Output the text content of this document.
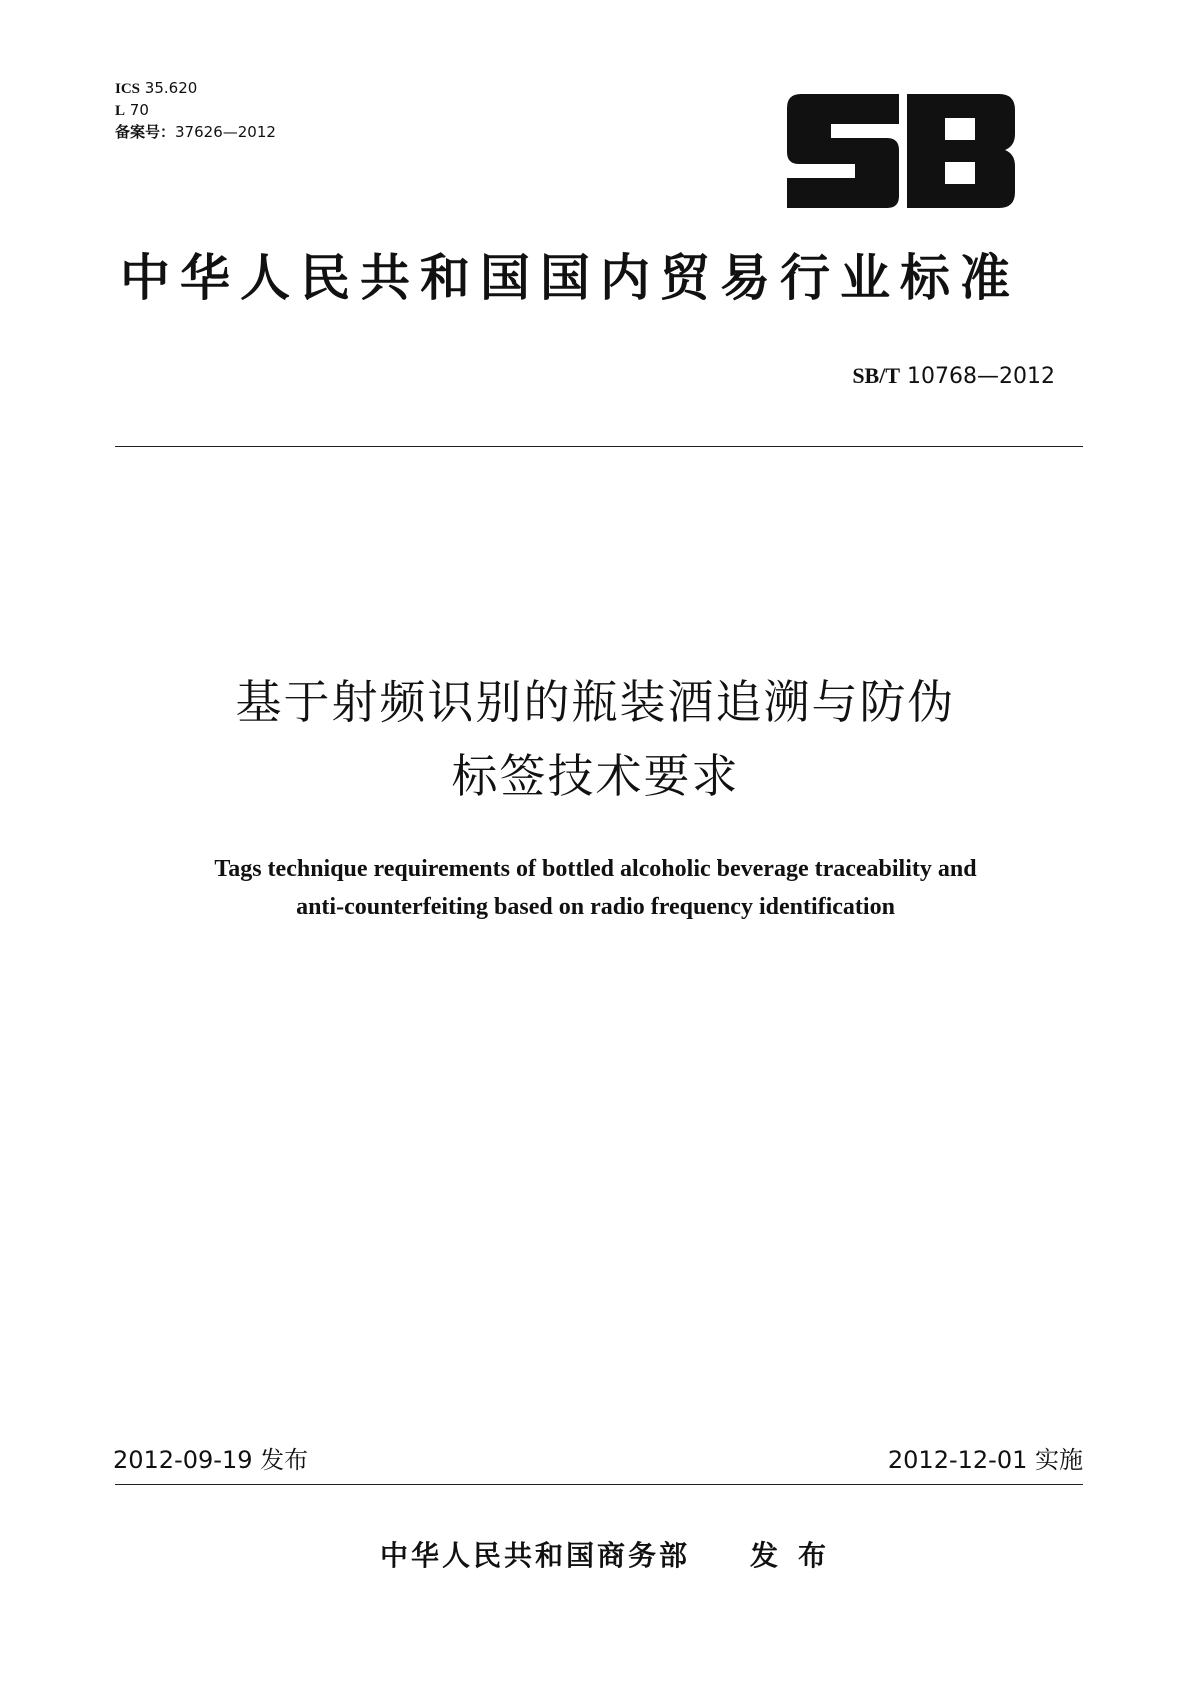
ICS 35.620
L 70
备案号：37626—2012
中华人民共和国国内贸易行业标准
SB/T 10768—2012
基于射频识别的瓶装酒追溯与防伪
标签技术要求
Tags technique requirements of bottled alcoholic beverage traceability and
anti-counterfeiting based on radio frequency identification
2012-09-19 发布	2012-12-01 实施
中华人民共和国商务部 发布
